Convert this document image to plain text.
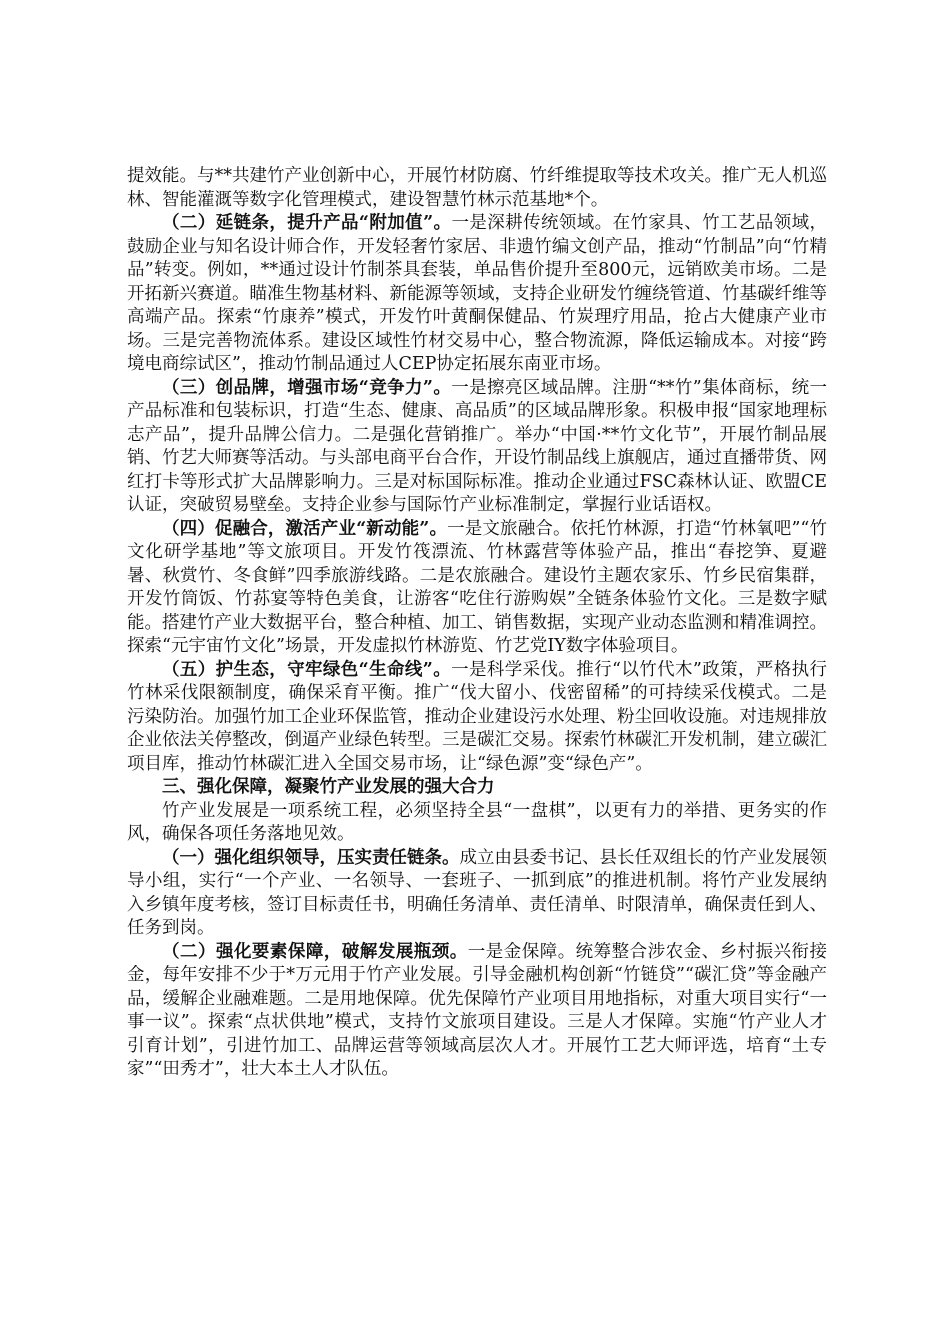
提效能。与**共建竹产业创新中心，开展竹材防腐、竹纤维提取等技术攻关。推广无人机巡林、智能灌溉等数字化管理模式，建设智慧竹林示范基地*个。

（二）延链条，提升产品“附加值”。一是深耕传统领域。在竹家具、竹工艺品领域，鼓励企业与知名设计师合作，开发轻奢竹家居、非遗竹编文创产品，推动“竹制品”向“竹精品”转变。例如，**通过设计竹制茶具套装，单品售价提升至800元，远销欧美市场。二是开拓新兴赛道。瞄准生物基材料、新能源等领域，支持企业研发竹缠绕管道、竹基碳纤维等高端产品。探索“竹康养”模式，开发竹叶黄酮保健品、竹炭理疗用品，抢占大健康产业市场。三是完善物流体系。建设区域性竹材交易中心，整合物流源，降低运输成本。对接“跨境电商综试区”，推动竹制品通过人CEP协定拓展东南亚市场。

（三）创品牌，增强市场“竞争力”。一是擦亮区域品牌。注册“**竹”集体商标，统一产品标准和包装标识，打造“生态、健康、高品质”的区域品牌形象。积极申报“国家地理标志产品”，提升品牌公信力。二是强化营销推广。举办“中国·**竹文化节”，开展竹制品展销、竹艺大师赛等活动。与头部电商平台合作，开设竹制品线上旗舰店，通过直播带货、网红打卡等形式扩大品牌影响力。三是对标国际标准。推动企业通过FSC森林认证、欧盟CE认证，突破贸易壁垒。支持企业参与国际竹产业标准制定，掌握行业话语权。

（四）促融合，激活产业“新动能”。一是文旅融合。依托竹林源，打造“竹林氧吧”“竹文化研学基地”等文旅项目。开发竹筏漂流、竹林露营等体验产品，推出“春挖笋、夏避暑、秋赏竹、冬食鲜”四季旅游线路。二是农旅融合。建设竹主题农家乐、竹乡民宿集群，开发竹筒饭、竹荪宴等特色美食，让游客“吃住行游购娱”全链条体验竹文化。三是数字赋能。搭建竹产业大数据平台，整合种植、加工、销售数据，实现产业动态监测和精准调控。探索“元宇宙竹文化”场景，开发虚拟竹林游览、竹艺党IY数字体验项目。

（五）护生态，守牢绿色“生命线”。一是科学采伐。推行“以竹代木”政策，严格执行竹林采伐限额制度，确保采育平衡。推广“伐大留小、伐密留稀”的可持续采伐模式。二是污染防治。加强竹加工企业环保监管，推动企业建设污水处理、粉尘回收设施。对违规排放企业依法关停整改，倒逼产业绿色转型。三是碳汇交易。探索竹林碳汇开发机制，建立碳汇项目库，推动竹林碳汇进入全国交易市场，让“绿色源”变“绿色产”。

三、强化保障，凝聚竹产业发展的强大合力

竹产业发展是一项系统工程，必须坚持全县“一盘棋”，以更有力的举措、更务实的作风，确保各项任务落地见效。

（一）强化组织领导，压实责任链条。成立由县委书记、县长任双组长的竹产业发展领导小组，实行“一个产业、一名领导、一套班子、一抓到底”的推进机制。将竹产业发展纳入乡镇年度考核，签订目标责任书，明确任务清单、责任清单、时限清单，确保责任到人、任务到岗。

（二）强化要素保障，破解发展瓶颈。一是金保障。统筹整合涉农金、乡村振兴衔接金，每年安排不少于*万元用于竹产业发展。引导金融机构创新“竹链贷”“碳汇贷”等金融产品，缓解企业融难题。二是用地保障。优先保障竹产业项目用地指标，对重大项目实行“一事一议”。探索“点状供地”模式，支持竹文旅项目建设。三是人才保障。实施“竹产业人才引育计划”，引进竹加工、品牌运营等领域高层次人才。开展竹工艺大师评选，培育“土专家”“田秀才”，壮大本土人才队伍。
